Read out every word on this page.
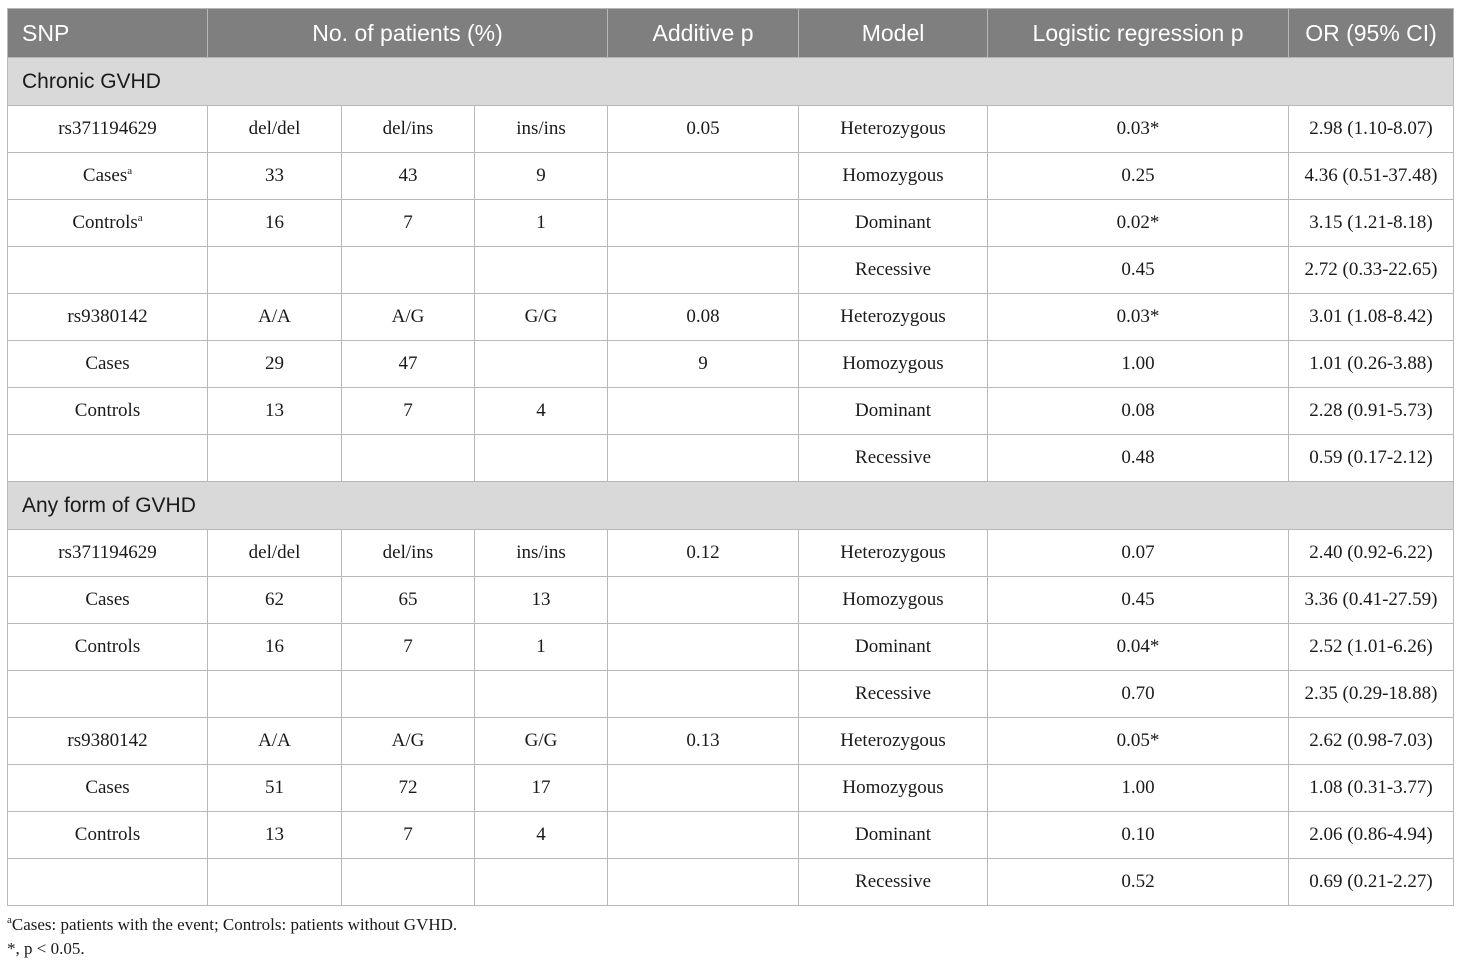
SNP	No. of patients (%)			Additive p	Model	Logistic regression p	OR (95% CI)
Chronic GVHD							
rs371194629	del/del	del/ins	ins/ins	0.05	Heterozygous	0.03*	2.98 (1.10-8.07)
Cases$^a$	33	43	9		Homozygous	0.25	4.36 (0.51-37.48)
Controls$^a$	16	7	1		Dominant	0.02*	3.15 (1.21-8.18)
					Recessive	0.45	2.72 (0.33-22.65)
rs9380142	A/A	A/G	G/G	0.08	Heterozygous	0.03*	3.01 (1.08-8.42)
Cases	29	47		9	Homozygous	1.00	1.01 (0.26-3.88)
Controls	13	7	4		Dominant	0.08	2.28 (0.91-5.73)
					Recessive	0.48	0.59 (0.17-2.12)
Any form of GVHD							
rs371194629	del/del	del/ins	ins/ins	0.12	Heterozygous	0.07	2.40 (0.92-6.22)
Cases	62	65	13		Homozygous	0.45	3.36 (0.41-27.59)
Controls	16	7	1		Dominant	0.04*	2.52 (1.01-6.26)
					Recessive	0.70	2.35 (0.29-18.88)
rs9380142	A/A	A/G	G/G	0.13	Heterozygous	0.05*	2.62 (0.98-7.03)
Cases	51	72	17		Homozygous	1.00	1.08 (0.31-3.77)
Controls	13	7	4		Dominant	0.10	2.06 (0.86-4.94)
					Recessive	0.52	0.69 (0.21-2.27)
$^a$Cases: patients with the event; Controls: patients without GVHD.
*, p < 0.05.
